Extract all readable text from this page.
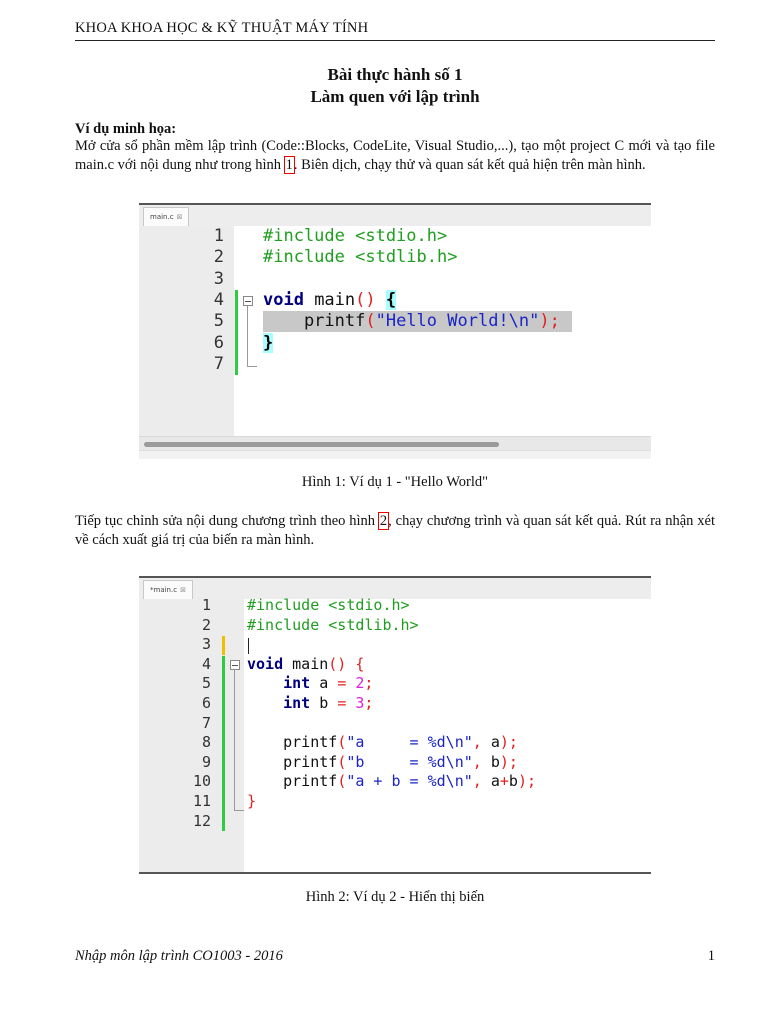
KHOA KHOA HỌC & KỸ THUẬT MÁY TÍNH
Bài thực hành số 1
Làm quen với lập trình
Ví dụ minh họa:
Mở cửa sổ phần mềm lập trình (Code::Blocks, CodeLite, Visual Studio,...), tạo một project C mới và tạo file main.c với nội dung như trong hình 1. Biên dịch, chạy thử và quan sát kết quả hiện trên màn hình.
main.c ⊠
1 #include <stdio.h>
2 #include <stdlib.h>
3
4 void main() {
5 printf("Hello World!\n");
6 }
7
Hình 1: Ví dụ 1 - "Hello World"
Tiếp tục chỉnh sửa nội dung chương trình theo hình 2, chạy chương trình và quan sát kết quả. Rút ra nhận xét về cách xuất giá trị của biến ra màn hình.
*main.c ⊠
1 #include <stdio.h>
2 #include <stdlib.h>
3
4 void main() {
5	int a = 2;
6	int b = 3;
7
8 printf("a     = %d\n", a);
9 printf("b     = %d\n", b);
10 printf("a + b = %d\n", a+b);
11 }
12
Hình 2: Ví dụ 2 - Hiển thị biến
Nhập môn lập trình CO1003 - 2016	1
